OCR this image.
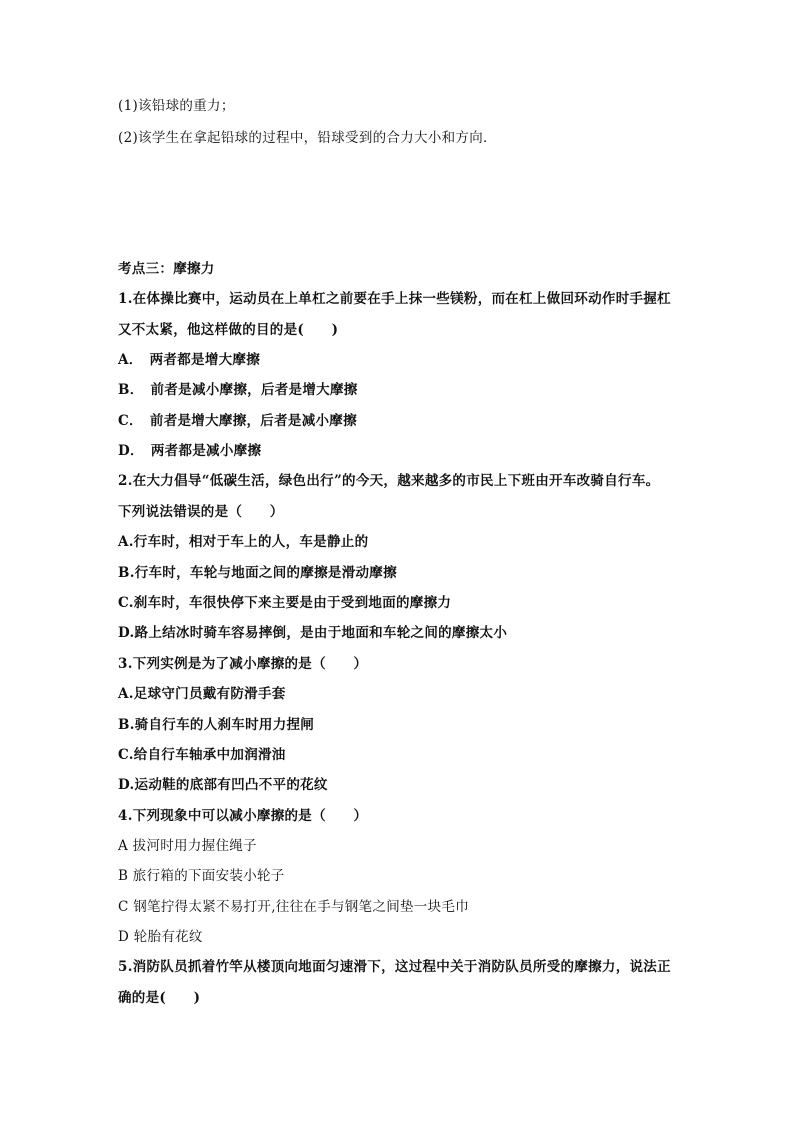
(1)该铅球的重力；
(2)该学生在拿起铅球的过程中，铅球受到的合力大小和方向．
考点三：摩擦力
1.在体操比赛中，运动员在上单杠之前要在手上抹一些镁粉，而在杠上做回环动作时手握杠
又不太紧，他这样做的目的是(　　)
A．　两者都是增大摩擦
B．　前者是减小摩擦，后者是增大摩擦
C．　前者是增大摩擦，后者是减小摩擦
D．　两者都是减小摩擦
2.在大力倡导“低碳生活，绿色出行”的今天，越来越多的市民上下班由开车改骑自行车。
下列说法错误的是（　　）
A.行车时，相对于车上的人，车是静止的
B.行车时，车轮与地面之间的摩擦是滑动摩擦
C.刹车时，车很快停下来主要是由于受到地面的摩擦力
D.路上结冰时骑车容易摔倒，是由于地面和车轮之间的摩擦太小
3.下列实例是为了减小摩擦的是（　　）
A.足球守门员戴有防滑手套
B.骑自行车的人刹车时用力捏闸
C.给自行车轴承中加润滑油
D.运动鞋的底部有凹凸不平的花纹
4.下列现象中可以减小摩擦的是（　　）
A 拔河时用力握住绳子
B 旅行箱的下面安装小轮子
C 钢笔拧得太紧不易打开,往往在手与钢笔之间垫一块毛巾
D 轮胎有花纹
5.消防队员抓着竹竿从楼顶向地面匀速滑下，这过程中关于消防队员所受的摩擦力，说法正
确的是(　　)
